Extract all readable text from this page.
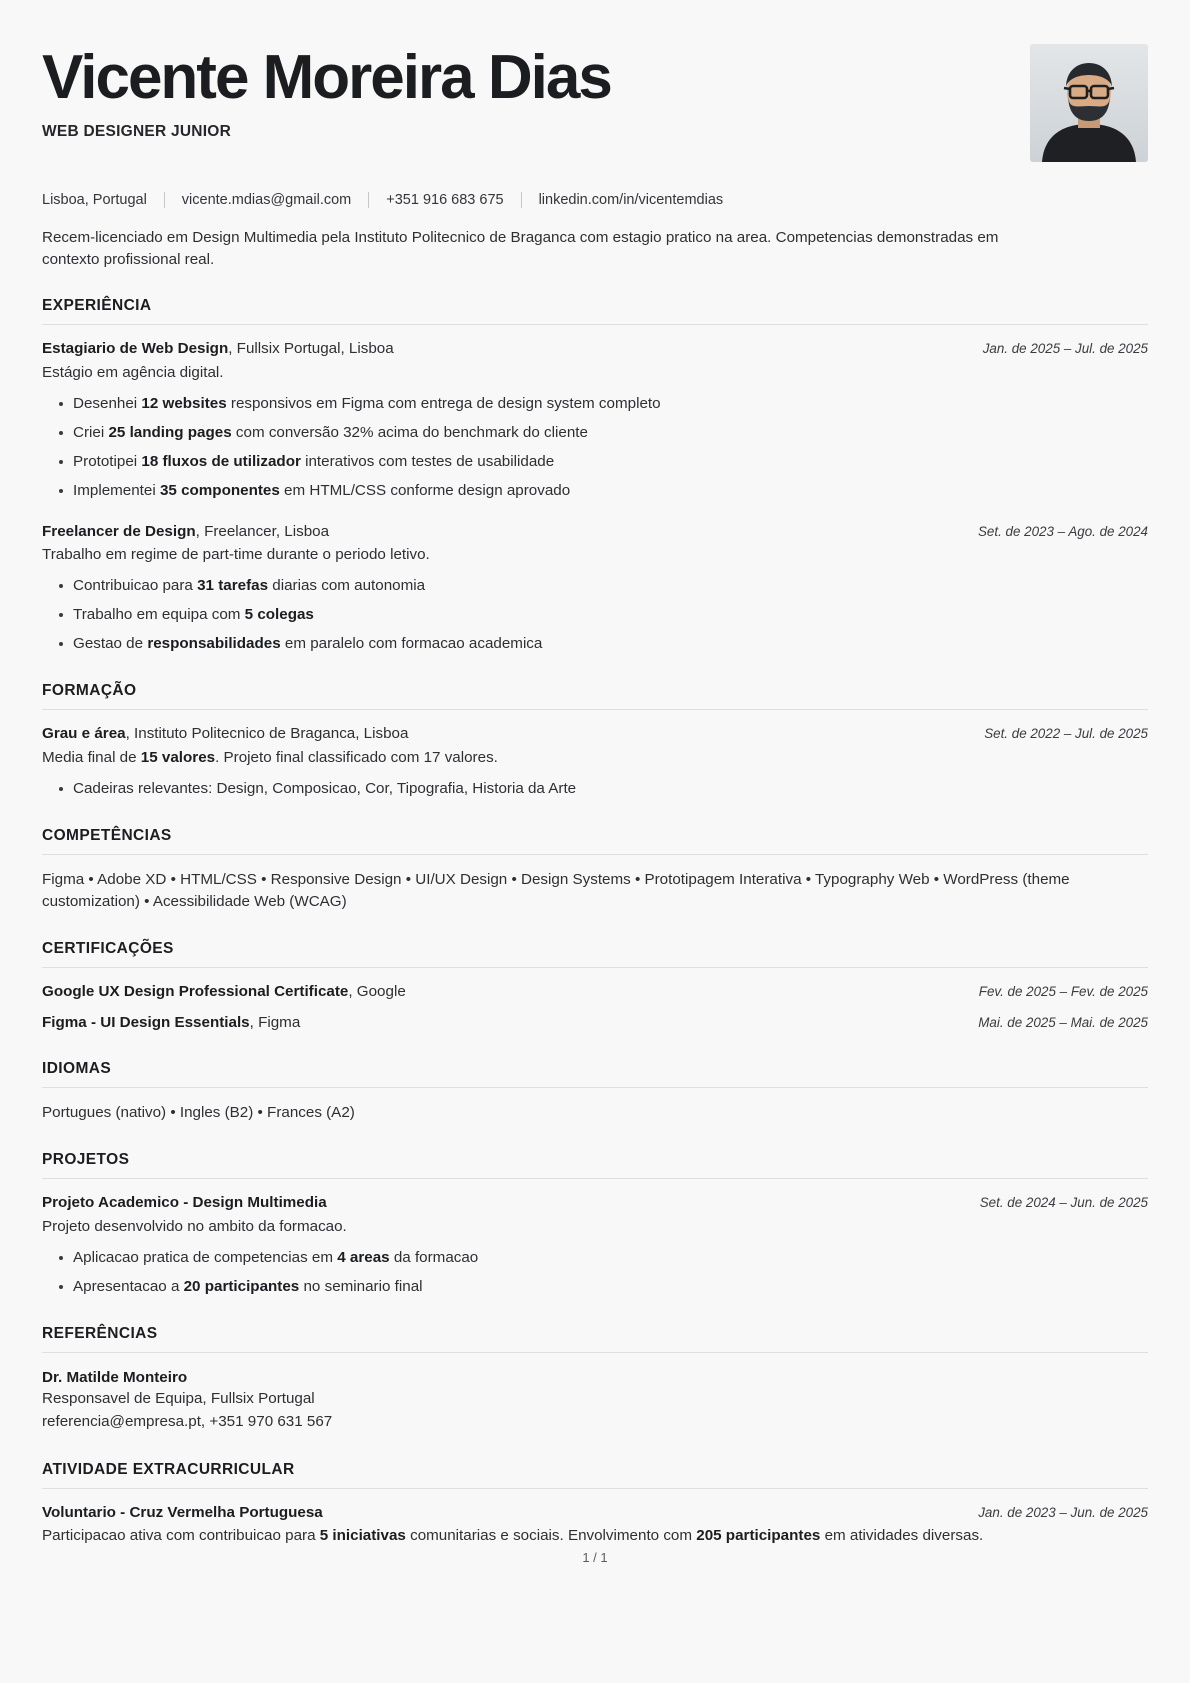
Vicente Moreira Dias
WEB DESIGNER JUNIOR
Lisboa, Portugal vicente.mdias@gmail.com +351 916 683 675 linkedin.com/in/vicentemdias
Recem-licenciado em Design Multimedia pela Instituto Politecnico de Braganca com estagio pratico na area. Competencias demonstradas em contexto profissional real.
EXPERIÊNCIA
Estagiario de Web Design, Fullsix Portugal, Lisboa	Jan. de 2025 – Jul. de 2025
Estágio em agência digital.
Desenhei 12 websites responsivos em Figma com entrega de design system completo
Criei 25 landing pages com conversão 32% acima do benchmark do cliente
Prototipei 18 fluxos de utilizador interativos com testes de usabilidade
Implementei 35 componentes em HTML/CSS conforme design aprovado
Freelancer de Design, Freelancer, Lisboa	Set. de 2023 – Ago. de 2024
Trabalho em regime de part-time durante o periodo letivo.
Contribuicao para 31 tarefas diarias com autonomia
Trabalho em equipa com 5 colegas
Gestao de responsabilidades em paralelo com formacao academica
FORMAÇÃO
Grau e área, Instituto Politecnico de Braganca, Lisboa	Set. de 2022 – Jul. de 2025
Media final de 15 valores. Projeto final classificado com 17 valores.
Cadeiras relevantes: Design, Composicao, Cor, Tipografia, Historia da Arte
COMPETÊNCIAS
Figma • Adobe XD • HTML/CSS • Responsive Design • UI/UX Design • Design Systems • Prototipagem Interativa • Typography Web • WordPress (theme customization) • Acessibilidade Web (WCAG)
CERTIFICAÇÕES
Google UX Design Professional Certificate, Google	Fev. de 2025 – Fev. de 2025
Figma - UI Design Essentials, Figma	Mai. de 2025 – Mai. de 2025
IDIOMAS
Portugues (nativo) • Ingles (B2) • Frances (A2)
PROJETOS
Projeto Academico - Design Multimedia	Set. de 2024 – Jun. de 2025
Projeto desenvolvido no ambito da formacao.
Aplicacao pratica de competencias em 4 areas da formacao
Apresentacao a 20 participantes no seminario final
REFERÊNCIAS
Dr. Matilde Monteiro
Responsavel de Equipa, Fullsix Portugal
referencia@empresa.pt, +351 970 631 567
ATIVIDADE EXTRACURRICULAR
Voluntario - Cruz Vermelha Portuguesa	Jan. de 2023 – Jun. de 2025
Participacao ativa com contribuicao para 5 iniciativas comunitarias e sociais. Envolvimento com 205 participantes em atividades diversas.
1 / 1
